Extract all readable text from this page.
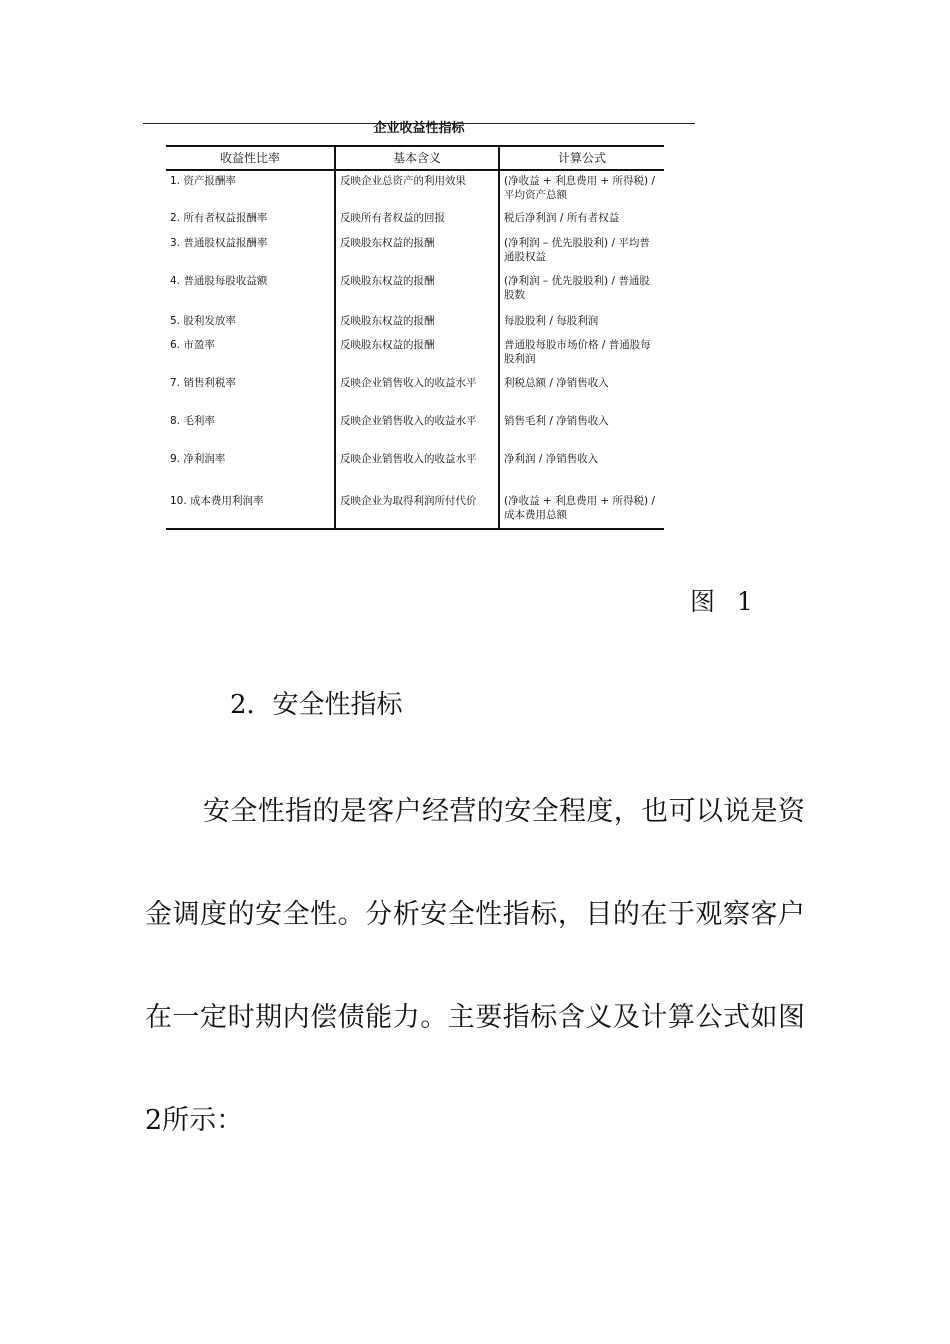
企业收益性指标
收益性比率	基本含义	计算公式
1. 资产报酬率	反映企业总资产的利用效果	(净收益 + 利息费用 + 所得税) / 平均资产总额
2. 所有者权益报酬率	反映所有者权益的回报	税后净利润 / 所有者权益
3. 普通股权益报酬率	反映股东权益的报酬	(净利润 – 优先股股利) / 平均普通股权益
4. 普通股每股收益额	反映股东权益的报酬	(净利润 – 优先股股利) / 普通股股数
5. 股利发放率	反映股东权益的报酬	每股股利 / 每股利润
6. 市盈率	反映股东权益的报酬	普通股每股市场价格 / 普通股每股利润
7. 销售利税率	反映企业销售收入的收益水平	利税总额 / 净销售收入
8. 毛利率	反映企业销售收入的收益水平	销售毛利 / 净销售收入
9. 净利润率	反映企业销售收入的收益水平	净利润 / 净销售收入
10. 成本费用利润率	反映企业为取得利润所付代价	(净收益 + 利息费用 + 所得税) / 成本费用总额
图  1
2．安全性指标

安全性指的是客户经营的安全程度，也可以说是资金调度的安全性。分析安全性指标，目的在于观察客户在一定时期内偿债能力。主要指标含义及计算公式如图2所示：
